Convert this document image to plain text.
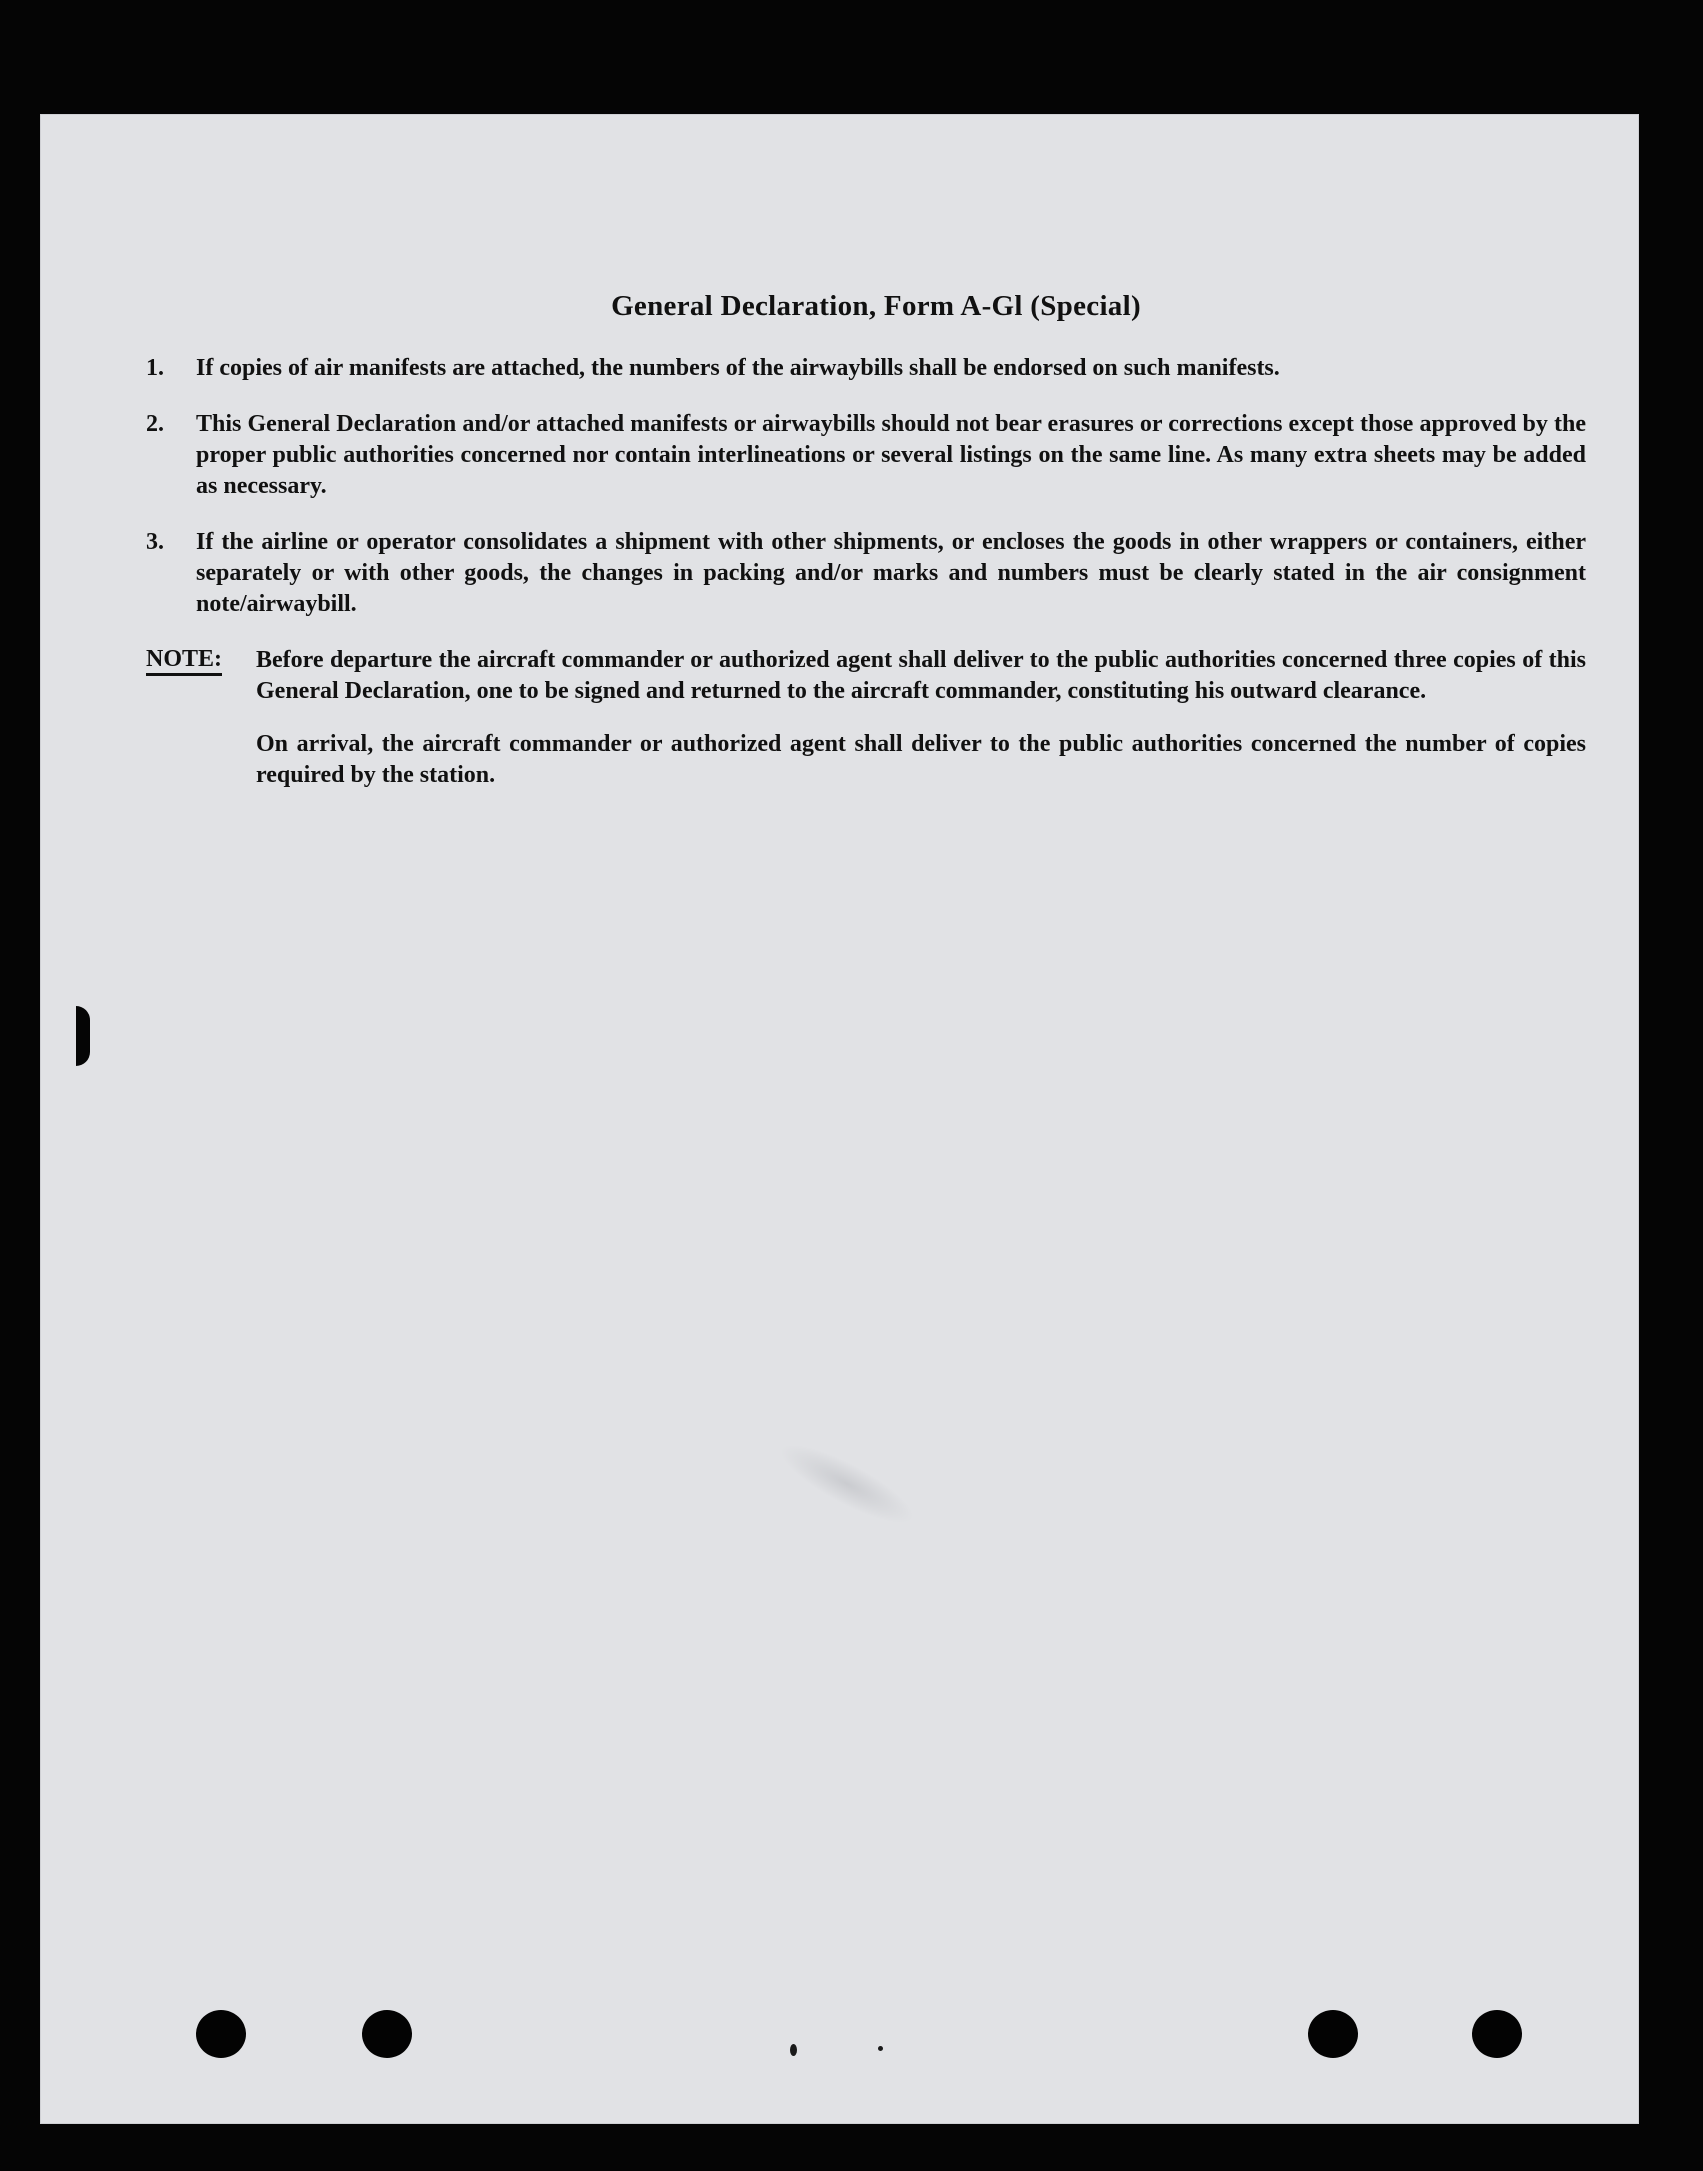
General Declaration, Form A-Gl (Special)
1.	If copies of air manifests are attached, the numbers of the airwaybills shall be endorsed on such manifests.
2.	This General Declaration and/or attached manifests or airwaybills should not bear erasures or corrections except those approved by the proper public authorities concerned nor contain interlineations or several listings on the same line. As many extra sheets may be added as necessary.
3.	If the airline or operator consolidates a shipment with other shipments, or encloses the goods in other wrappers or containers, either separately or with other goods, the changes in packing and/or marks and numbers must be clearly stated in the air consignment note/airwaybill.
NOTE: Before departure the aircraft commander or authorized agent shall deliver to the public authorities concerned three copies of this General Declaration, one to be signed and returned to the aircraft commander, constituting his outward clearance.
On arrival, the aircraft commander or authorized agent shall deliver to the public authorities concerned the number of copies required by the station.
